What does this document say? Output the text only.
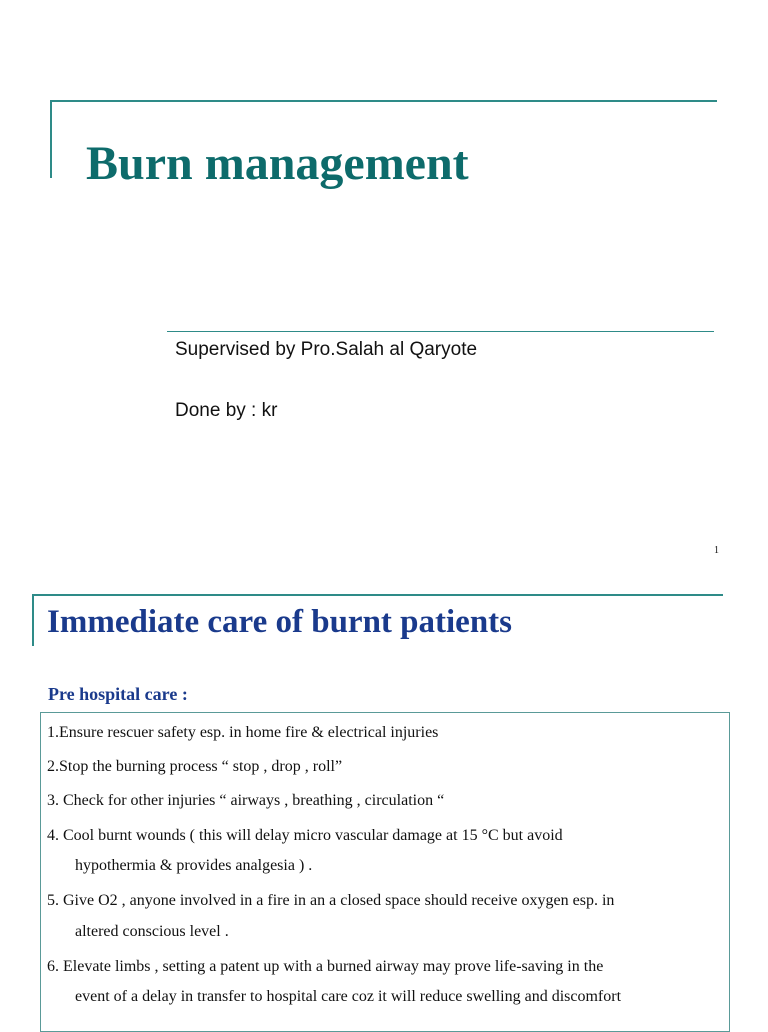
Burn management
Supervised by Pro.Salah al Qaryote
Done by : kr
1
Immediate care of burnt patients
Pre hospital care :
1.Ensure rescuer safety esp. in home fire & electrical injuries
2.Stop the burning process “ stop , drop , roll”
3. Check for other injuries “ airways , breathing , circulation “
4. Cool burnt wounds ( this will delay micro vascular damage at 15 °C but avoid
hypothermia & provides analgesia ) .
5. Give O2 , anyone involved in a fire in an a closed space should receive oxygen esp. in
altered conscious level .
6. Elevate limbs , setting a patent up with a burned airway may prove life-saving in the
event of a delay in transfer to hospital care coz it will reduce swelling and discomfort
